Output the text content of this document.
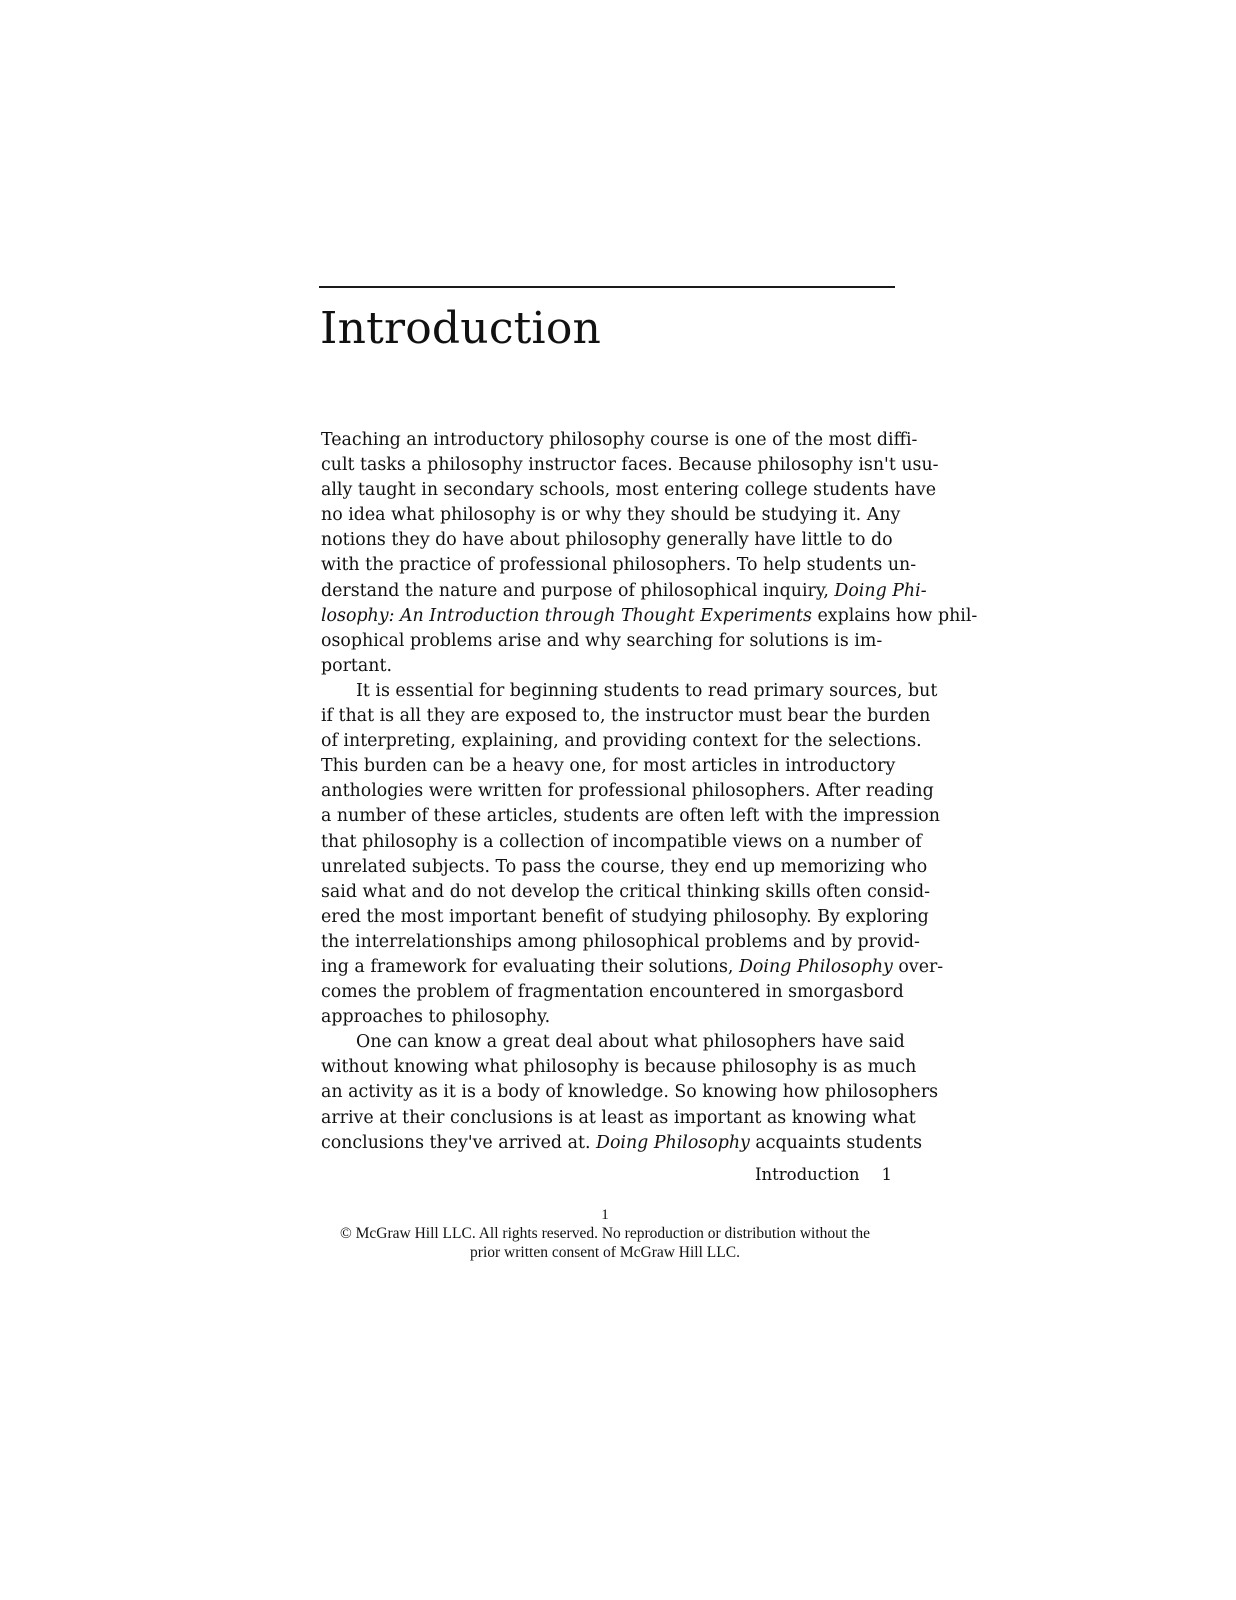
Introduction
Teaching an introductory philosophy course is one of the most diffi-
cult tasks a philosophy instructor faces. Because philosophy isn't usu-
ally taught in secondary schools, most entering college students have
no idea what philosophy is or why they should be studying it. Any
notions they do have about philosophy generally have little to do
with the practice of professional philosophers. To help students un-
derstand the nature and purpose of philosophical inquiry, Doing Phi-
losophy: An Introduction through Thought Experiments explains how phil-
osophical problems arise and why searching for solutions is im-
portant.
It is essential for beginning students to read primary sources, but
if that is all they are exposed to, the instructor must bear the burden
of interpreting, explaining, and providing context for the selections.
This burden can be a heavy one, for most articles in introductory
anthologies were written for professional philosophers. After reading
a number of these articles, students are often left with the impression
that philosophy is a collection of incompatible views on a number of
unrelated subjects. To pass the course, they end up memorizing who
said what and do not develop the critical thinking skills often consid-
ered the most important benefit of studying philosophy. By exploring
the interrelationships among philosophical problems and by provid-
ing a framework for evaluating their solutions, Doing Philosophy over-
comes the problem of fragmentation encountered in smorgasbord
approaches to philosophy.
One can know a great deal about what philosophers have said
without knowing what philosophy is because philosophy is as much
an activity as it is a body of knowledge. So knowing how philosophers
arrive at their conclusions is at least as important as knowing what
conclusions they've arrived at. Doing Philosophy acquaints students
Introduction 1
1
© McGraw Hill LLC. All rights reserved. No reproduction or distribution without the
prior written consent of McGraw Hill LLC.
